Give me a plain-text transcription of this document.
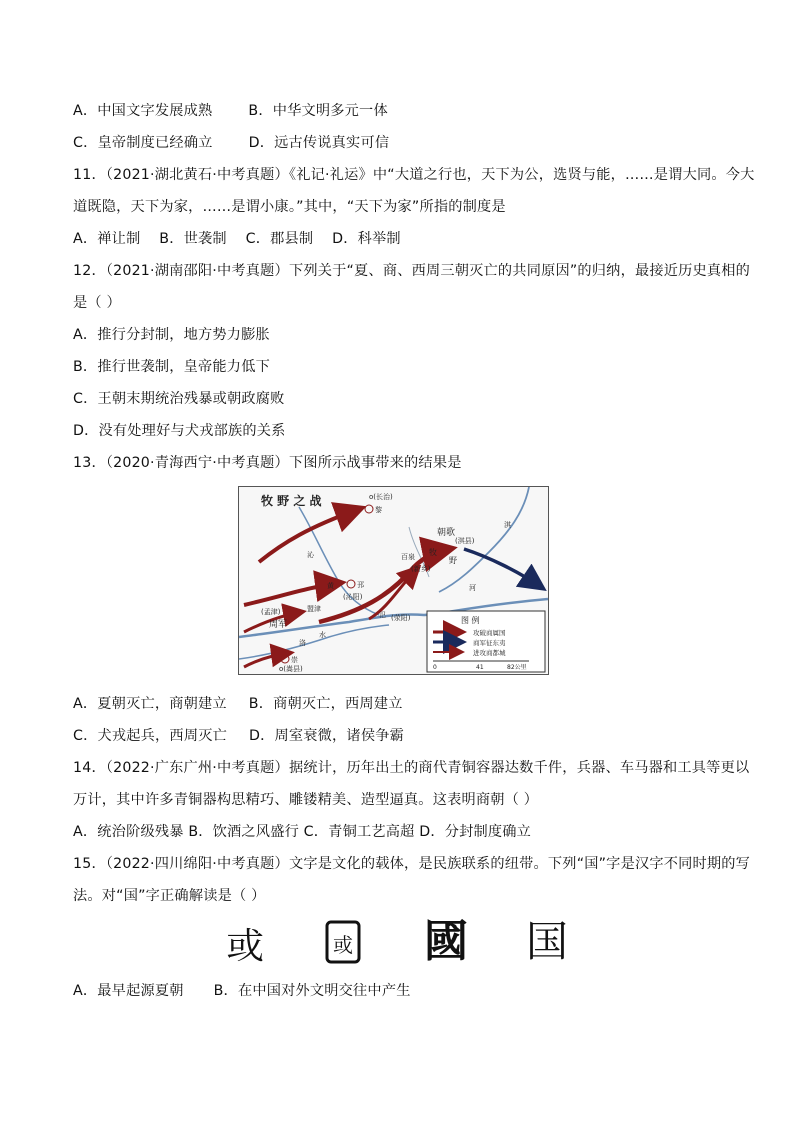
A．中国文字发展成熟	B．中华文明多元一体
C．皇帝制度已经确立	D．远古传说真实可信
11．（2021·湖北黄石·中考真题）《礼记·礼运》中“大道之行也，天下为公，选贤与能，……是谓大同。今大
道既隐，天下为家，……是谓小康。”其中，“天下为家”所指的制度是
A．禅让制    B．世袭制    C．郡县制    D．科举制
12．（2021·湖南邵阳·中考真题）下列关于“夏、商、西周三朝灭亡的共同原因”的归纳，最接近历史真相的
是（ ）
A．推行分封制，地方势力膨胀
B．推行世袭制，皇帝能力低下
C．王朝末期统治残暴或朝政腐败
D．没有处理好与犬戎部族的关系
13．（2020·青海西宁·中考真题）下图所示战事带来的结果是
牧 野 之 战	o(长治)
黎
朝歌
(淇县)
百泉 牧
野
(新乡)
邘
(沁阳)
(孟津)	盟津
周军
氾 (荥阳)
崇
o(嵩县)
淇
河
黄
洛
水
沁
图 例
攻破商属国
商军征东夷
进攻商都城
0	41	82公里
A．夏朝灭亡，商朝建立 B．商朝灭亡，西周建立
C．犬戎起兵，西周灭亡 D．周室衰微，诸侯争霸
14．（2022·广东广州·中考真题）据统计，历年出土的商代青铜容器达数千件，兵器、车马器和工具等更以
万计，其中许多青铜器构思精巧、雕镂精美、造型逼真。这表明商朝（ ）
A．统治阶级残暴 B．饮酒之风盛行 C．青铜工艺高超 D．分封制度确立
15．（2022·四川绵阳·中考真题）文字是文化的载体，是民族联系的纽带。下列“国”字是汉字不同时期的写
法。对“国”字正确解读是（ ）
或	或 國 国
A．最早起源夏朝 B．在中国对外文明交往中产生
